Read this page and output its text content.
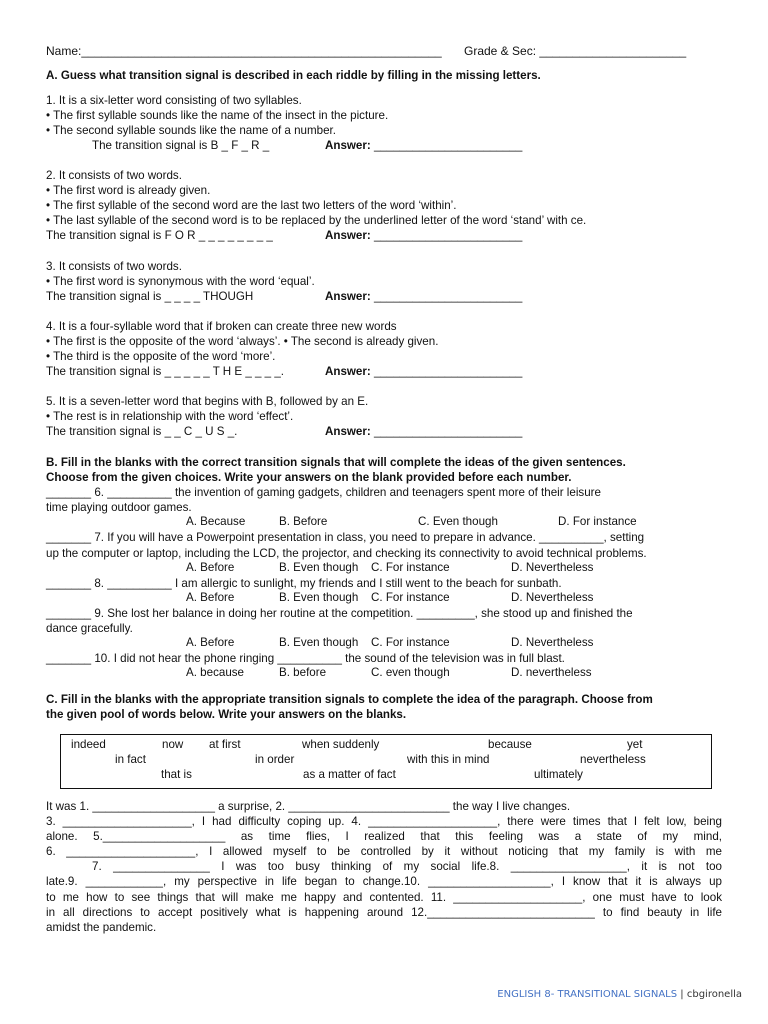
Name:______________________________________________________ Grade & Sec: ______________________
A. Guess what transition signal is described in each riddle by filling in the missing letters.
1. It is a six-letter word consisting of two syllables.
• The first syllable sounds like the name of the insect in the picture.
• The second syllable sounds like the name of a number.
The transition signal is B _ F _ R _	Answer: _______________________
2. It consists of two words.
• The first word is already given.
• The first syllable of the second word are the last two letters of the word ‘within’.
• The last syllable of the second word is to be replaced by the underlined letter of the word ‘stand’ with ce.
The transition signal is F O R _ _ _ _ _ _ _ _	Answer: _______________________
3. It consists of two words.
• The first word is synonymous with the word ‘equal’.
The transition signal is _ _ _ _ THOUGH	Answer: _______________________
4. It is a four-syllable word that if broken can create three new words
• The first is the opposite of the word ‘always’. • The second is already given.
• The third is the opposite of the word ‘more’.
The transition signal is _ _ _ _ _ T H E _ _ _ _.	Answer: _______________________
5. It is a seven-letter word that begins with B, followed by an E.
• The rest is in relationship with the word ‘effect’.
The transition signal is _ _ C _ U S _.	Answer: _______________________
B. Fill in the blanks with the correct transition signals that will complete the ideas of the given sentences.
Choose from the given choices. Write your answers on the blank provided before each number.
_______ 6. __________ the invention of gaming gadgets, children and teenagers spent more of their leisure
time playing outdoor games.
A. Because	B. Before	C. Even though	D. For instance
_______ 7. If you will have a Powerpoint presentation in class, you need to prepare in advance. __________, setting
up the computer or laptop, including the LCD, the projector, and checking its connectivity to avoid technical problems.
A. Before	B. Even though C. For instance	D. Nevertheless
_______ 8. __________ I am allergic to sunlight, my friends and I still went to the beach for sunbath.
A. Before	B. Even though C. For instance	D. Nevertheless
_______ 9. She lost her balance in doing her routine at the competition. _________, she stood up and finished the
dance gracefully.
A. Before	B. Even though C. For instance	D. Nevertheless
_______ 10. I did not hear the phone ringing __________ the sound of the television was in full blast.
A. because	B. before	C. even though	D. nevertheless
C. Fill in the blanks with the appropriate transition signals to complete the idea of the paragraph. Choose from
the given pool of words below. Write your answers on the blanks.
indeed	now at first	when suddenly	because	yet
in fact	in order	with this in mind	nevertheless
that is	as a matter of fact	ultimately
It was 1. ___________________ a surprise, 2. _________________________ the way I live changes.
3. ____________________, I had difficulty coping up. 4. ____________________, there were times that I felt low, being
alone. 5.___________________ as time flies, I realized that this feeling was a state of my mind,
6. ____________________, I allowed myself to be controlled by it without noticing that my family is with me
7. _______________ I was too busy thinking of my social life.8. __________________, it is not too
late.9. ____________, my perspective in life began to change.10. ___________________, I know that it is always up
to me how to see things that will make me happy and contented. 11. ____________________, one must have to look
in all directions to accept positively what is happening around 12.__________________________ to find beauty in life
amidst the pandemic.
ENGLISH 8- TRANSITIONAL SIGNALS | cbgironella
